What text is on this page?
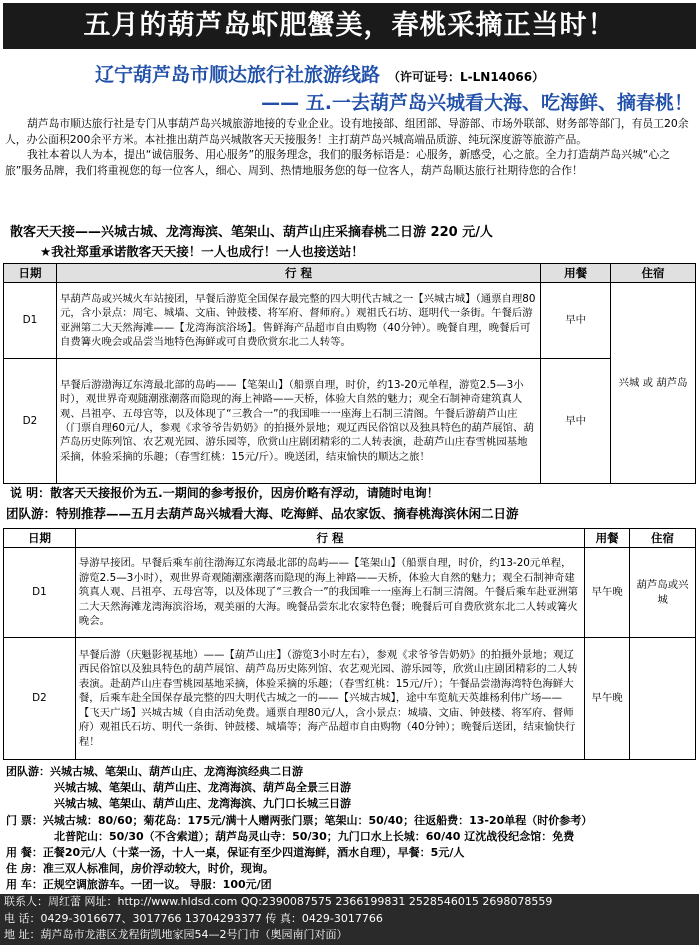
五月的葫芦岛虾肥蟹美，春桃采摘正当时！
辽宁葫芦岛市顺达旅行社旅游线路 （许可证号：L-LN14066）
—— 五.一去葫芦岛兴城看大海、吃海鲜、摘春桃！

葫芦岛市顺达旅行社是专门从事葫芦岛兴城旅游地接的专业企业。设有地接部、组团部、导游部、市场外联部、财务部等部门，有员工20余人，办公面积200余平方米。本社推出葫芦岛兴城散客天天接服务！主打葫芦岛兴城高端品质游、纯玩深度游等旅游产品。

我社本着以人为本，提出“诚信服务、用心服务”的服务理念，我们的服务标语是：心服务，新感受，心之旅。全力打造葫芦岛兴城“心之旅”服务品牌，我们将重视您的每一位客人，细心、周到、热情地服务您的每一位客人，葫芦岛顺达旅行社期待您的合作！

散客天天接——兴城古城、龙湾海滨、笔架山、葫芦山庄采摘春桃二日游 220 元/人
★我社郑重承诺散客天天接！一人也成行！一人也接送站！
日期	行 程	用餐	住宿
D1	早葫芦岛或兴城火车站接团，早餐后游览全国保存最完整的四大明代古城之一【兴城古城】（通票自理80元，含小景点：周宅、城墙、文庙、钟鼓楼、将军府、督师府。）观祖氏石坊、逛明代一条街。午餐后游亚洲第二大天然海滩——【龙湾海滨浴场】。售鲜海产品超市自由购物（40分钟）。晚餐自理，晚餐后可自费篝火晚会或品尝当地特色海鲜或可自费欣赏东北二人转等。	早中	兴城 或 葫芦岛
D2	早餐后游渤海辽东湾最北部的岛屿——【笔架山】（船票自理，时价，约13-20元单程，游览2.5—3小时），观世界奇观随潮涨潮落而隐现的海上神路——天桥，体验大自然的魅力；观全石制神奇建筑真人观、吕祖亭、五母宫等，以及体现了“三教合一”的我国唯一一座海上石制三清阁。午餐后游葫芦山庄（门票自理60元/人，参观《求爷爷告奶奶》的拍摄外景地；观辽西民俗馆以及独具特色的葫芦展馆、葫芦岛历史陈列馆、农艺观光园、游乐园等，欣赏山庄剧团精彩的二人转表演，赴葫芦山庄春雪桃园基地采摘，体验采摘的乐趣；（春雪红桃：15元/斤）。晚送团，结束愉快的顺达之旅！	早中	
说 明：散客天天接报价为五.一期间的参考报价，因房价略有浮动，请随时电询！
团队游：特别推荐——五月去葫芦岛兴城看大海、吃海鲜、品农家饭、摘春桃海滨休闲二日游
日期	行 程	用餐	住宿
D1	导游早接团。早餐后乘车前往渤海辽东湾最北部的岛屿——【笔架山】（船票自理，时价，约13-20元单程，游览2.5—3小时），观世界奇观随潮涨潮落而隐现的海上神路——天桥，体验大自然的魅力；观全石制神奇建筑真人观、吕祖亭、五母宫等，以及体现了“三教合一”的我国唯一一座海上石制三清阁。午餐后乘车赴亚洲第二大天然海滩龙湾海滨浴场，观美丽的大海。晚餐品尝东北农家特色餐；晚餐后可自费欣赏东北二人转或篝火晚会。	早午晚	葫芦岛或兴城
D2	早餐后游（庆魁影视基地）——【葫芦山庄】（游览3小时左右），参观《求爷爷告奶奶》的拍摄外景地；观辽西民俗馆以及独具特色的葫芦展馆、葫芦岛历史陈列馆、农艺观光园、游乐园等，欣赏山庄剧团精彩的二人转表演。赴葫芦山庄春雪桃园基地采摘，体验采摘的乐趣；（春雪红桃：15元/斤）；午餐品尝渤海湾特色海鲜大餐，后乘车赴全国保存最完整的四大明代古城之一的——【兴城古城】，途中车览航天英雄杨利伟广场——【飞天广场】兴城古城（自由活动免费。通票自理80元/人，含小景点：城墙、文庙、钟鼓楼、将军府、督师府）观祖氏石坊、明代一条街、钟鼓楼、城墙等；海产品超市自由购物（40分钟）；晚餐后送团，结束愉快行程！	早午晚	
团队游：兴城古城、笔架山、葫芦山庄、龙湾海滨经典二日游
兴城古城、笔架山、葫芦山庄、龙湾海滨、葫芦岛全景三日游
兴城古城、笔架山、葫芦山庄、龙湾海滨、九门口长城三日游
门 票：兴城古城：80/60；菊花岛：175元/满十人赠两张门票；笔架山：50/40；往返船费：13-20单程（时价参考）
北普陀山：50/30（不含索道）；葫芦岛灵山寺：50/30；九门口水上长城：60/40 辽沈战役纪念馆：免费
用 餐：正餐20元/人（十菜一汤，十人一桌，保证有至少四道海鲜，酒水自理），早餐：5元/人
住 房：准三双人标准间，房价浮动较大，时价，现询。
用 车：正规空调旅游车。一团一议。 导服：100元/团
联系人：周红蕾 网址：http://www.hldsd.com QQ:2390087575 2366199831 2528546015 2698078559
电 话：0429-3016677、3017766 13704293377 传 真：0429-3017766
地 址：葫芦岛市龙港区龙程街凯地家园54—2号门市（奥园南门对面）
